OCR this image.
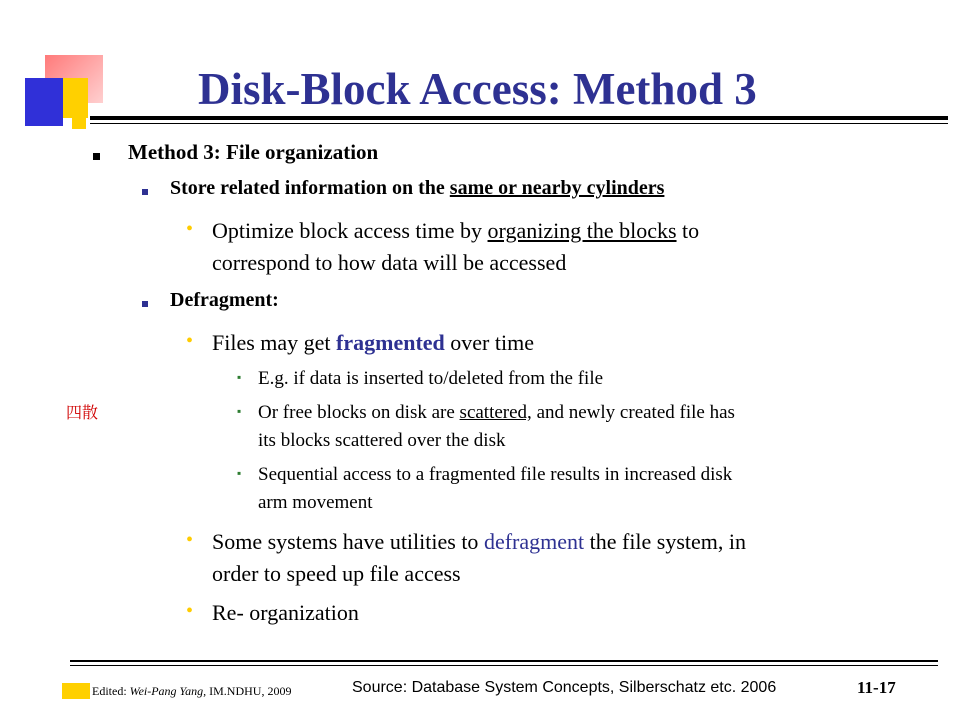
Disk-Block Access: Method 3
Method 3: File organization
Store related information on the same or nearby cylinders
• Optimize block access time by organizing the blocks to
correspond to how data will be accessed
Defragment:
• Files may get fragmented over time
▪ E.g. if data is inserted to/deleted from the file
四散	▪ Or free blocks on disk are scattered, and newly created file has
its blocks scattered over the disk
▪ Sequential access to a fragmented file results in increased disk
arm movement
• Some systems have utilities to defragment the file system, in
order to speed up file access
• Re- organization
Edited: Wei-Pang Yang, IM.NDHU, 2009	Source: Database System Concepts, Silberschatz etc. 2006	11-17
